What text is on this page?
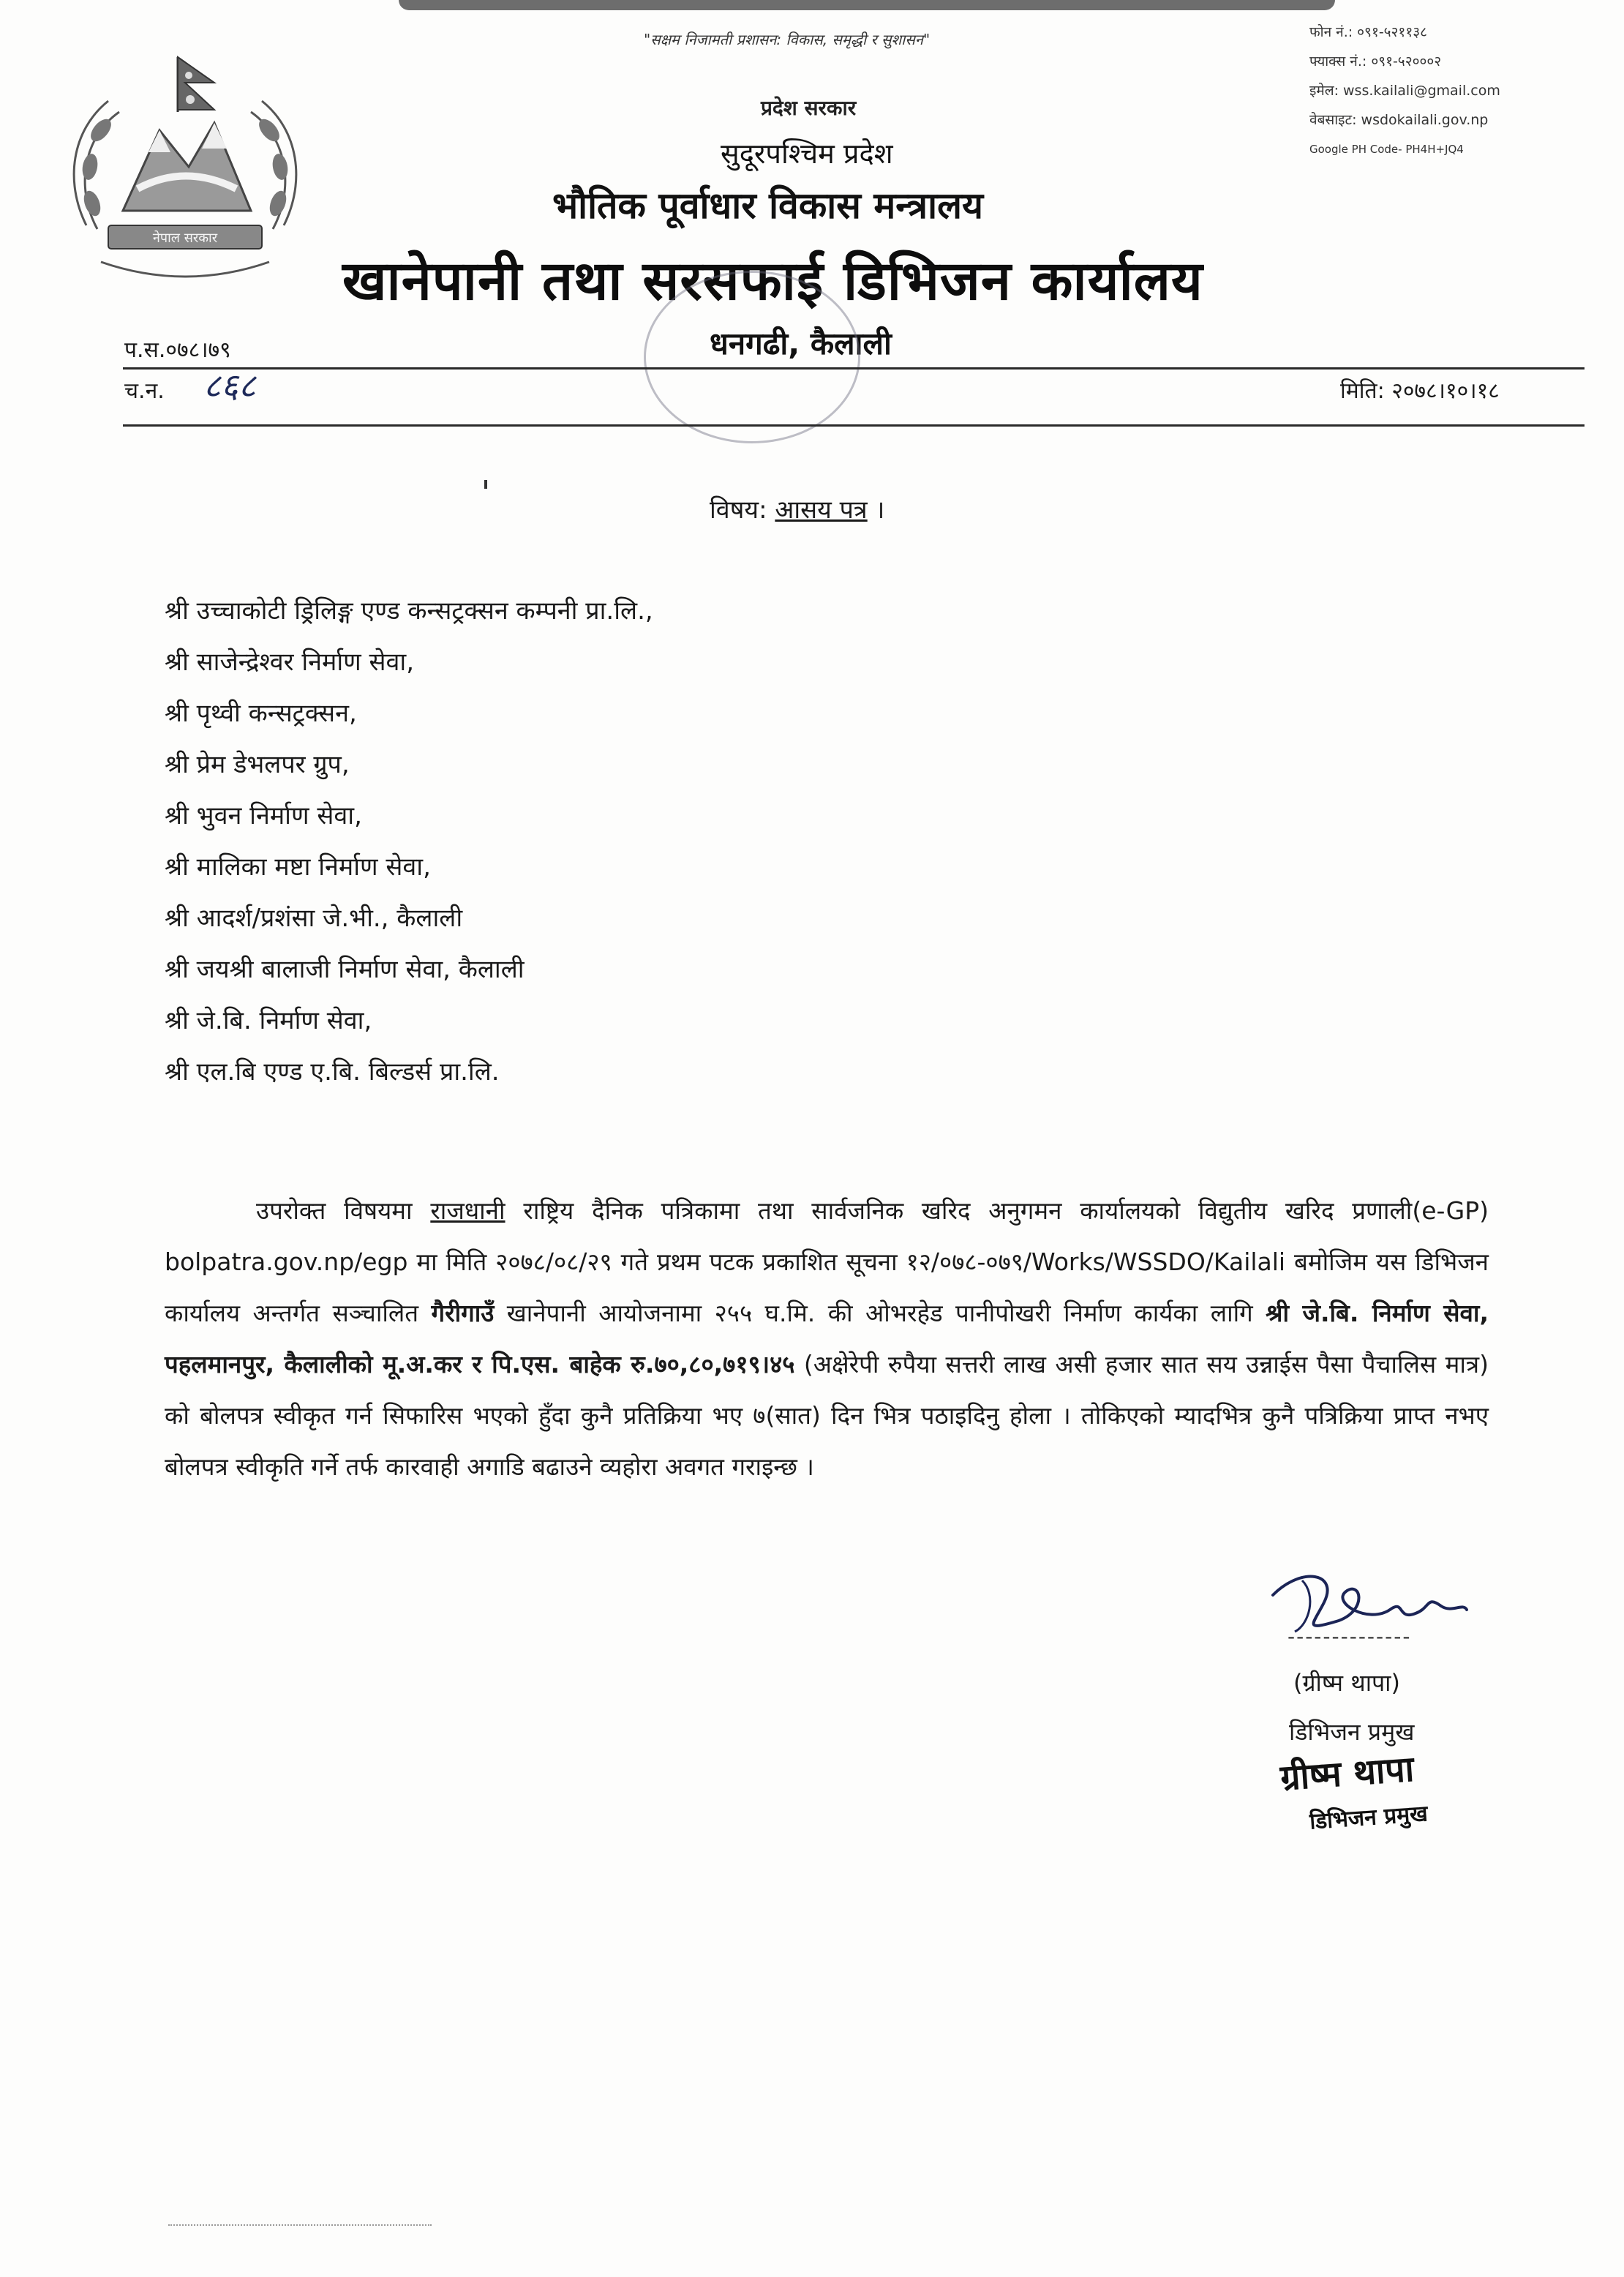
नेपाल सरकार
"सक्षम निजामती प्रशासन: विकास, समृद्धी र सुशासन"
प्रदेश सरकार
सुदूरपश्चिम प्रदेश
भौतिक पूर्वाधार विकास मन्त्रालय
खानेपानी तथा सरसफाई डिभिजन कार्यालय
धनगढी, कैलाली
फोन नं.: ०९१-५२११३८
फ्याक्स नं.: ०९१-५२०००२
इमेल: wss.kailali@gmail.com
वेबसाइट: wsdokailali.gov.np
Google PH Code- PH4H+JQ4
प.स.०७८।७९
च.न. ८६८	मिति: २०७८।१०।१८
विषय: आसय पत्र ।
श्री उच्चाकोटी ड्रिलिङ्ग एण्ड कन्सट्रक्सन कम्पनी प्रा.लि.,
श्री साजेन्द्रेश्वर निर्माण सेवा,
श्री पृथ्वी कन्सट्रक्सन,
श्री प्रेम डेभलपर ग्रुप,
श्री भुवन निर्माण सेवा,
श्री मालिका मष्टा निर्माण सेवा,
श्री आदर्श/प्रशंसा जे.भी., कैलाली
श्री जयश्री बालाजी निर्माण सेवा, कैलाली
श्री जे.बि. निर्माण सेवा,
श्री एल.बि एण्ड ए.बि. बिल्डर्स प्रा.लि.
उपरोक्त विषयमा राजधानी राष्ट्रिय दैनिक पत्रिकामा तथा सार्वजनिक खरिद अनुगमन कार्यालयको विद्युतीय खरिद प्रणाली(e-GP) bolpatra.gov.np/egp मा मिति २०७८/०८/२९ गते प्रथम पटक प्रकाशित सूचना १२/०७८-०७९/Works/WSSDO/Kailali बमोजिम यस डिभिजन कार्यालय अन्तर्गत सञ्चालित गैरीगाउँ खानेपानी आयोजनामा २५५ घ.मि. की ओभरहेड पानीपोखरी निर्माण कार्यका लागि श्री जे.बि. निर्माण सेवा, पहलमानपुर, कैलालीको मू.अ.कर र पि.एस. बाहेक रु.७०,८०,७१९।४५ (अक्षेरेपी रुपैया सत्तरी लाख असी हजार सात सय उन्नाईस पैसा पैचालिस मात्र) को बोलपत्र स्वीकृत गर्न सिफारिस भएको हुँदा कुनै प्रतिक्रिया भए ७(सात) दिन भित्र पठाइदिनु होला । तोकिएको म्यादभित्र कुनै पत्रिक्रिया प्राप्त नभए बोलपत्र स्वीकृति गर्ने तर्फ कारवाही अगाडि बढाउने व्यहोरा अवगत गराइन्छ ।
--------------
(ग्रीष्म थापा)
डिभिजन प्रमुख
ग्रीष्म थापा
डिभिजन प्रमुख
